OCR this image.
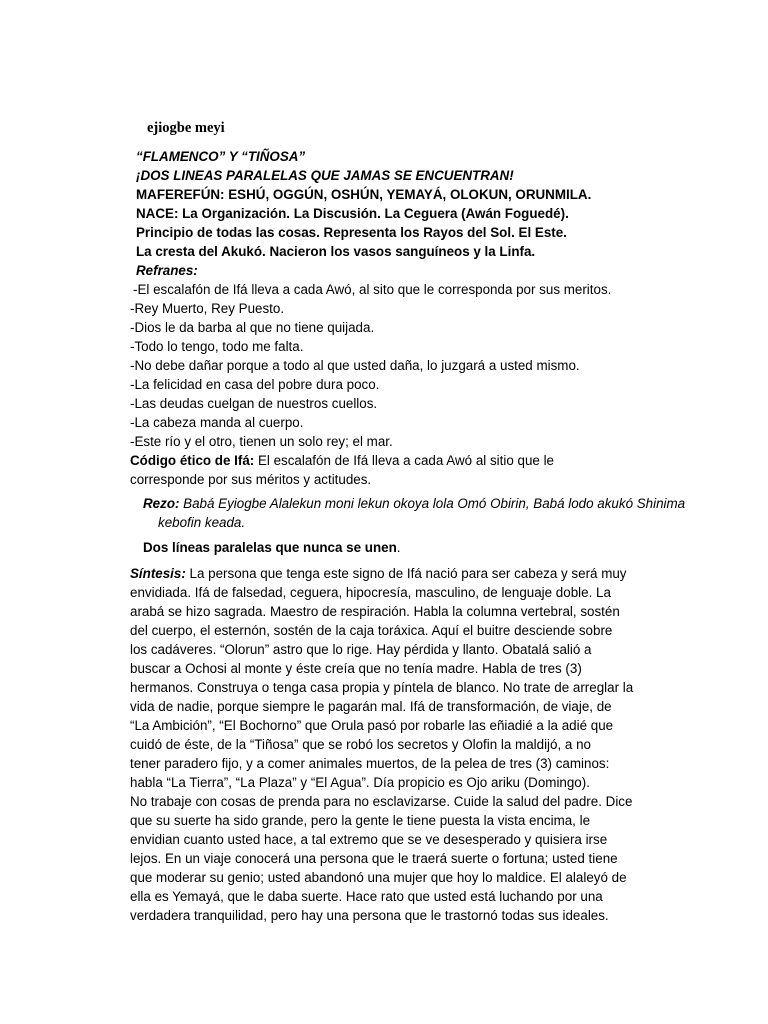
ejiogbe meyi
“FLAMENCO” Y “TIÑOSA”
¡DOS LINEAS PARALELAS QUE JAMAS SE ENCUENTRAN!
MAFEREFÚN: ESHÚ, OGGÚN, OSHÚN, YEMAYÁ, OLOKUN, ORUNMILA.
NACE: La Organización. La Discusión. La Ceguera (Awán Foguedé).
Principio de todas las cosas. Representa los Rayos del Sol. El Este.
La cresta del Akukó. Nacieron los vasos sanguíneos y la Linfa.
Refranes:
-El escalafón de Ifá lleva a cada Awó, al sito que le corresponda por sus meritos.
-Rey Muerto, Rey Puesto.
-Dios le da barba al que no tiene quijada.
-Todo lo tengo, todo me falta.
-No debe dañar porque a todo al que usted daña, lo juzgará a usted mismo.
-La felicidad en casa del pobre dura poco.
-Las deudas cuelgan de nuestros cuellos.
-La cabeza manda al cuerpo.
-Este río y el otro, tienen un solo rey; el mar.
Código ético de Ifá: El escalafón de Ifá lleva a cada Awó al sitio que le
corresponde por sus méritos y actitudes.
Rezo: Babá Eyiogbe Alalekun moni lekun okoya lola Omó Obirin, Babá lodo akukó Shinima
kebofin keada.
Dos líneas paralelas que nunca se unen.
Síntesis: La persona que tenga este signo de Ifá nació para ser cabeza y será muy
envidiada. Ifá de falsedad, ceguera, hipocresía, masculino, de lenguaje doble. La
arabá se hizo sagrada. Maestro de respiración. Habla la columna vertebral, sostén
del cuerpo, el esternón, sostén de la caja toráxica. Aquí el buitre desciende sobre
los cadáveres. “Olorun” astro que lo rige. Hay pérdida y llanto. Obatalá salió a
buscar a Ochosi al monte y éste creía que no tenía madre. Habla de tres (3)
hermanos. Construya o tenga casa propia y píntela de blanco. No trate de arreglar la
vida de nadie, porque siempre le pagarán mal. Ifá de transformación, de viaje, de
“La Ambición”, “El Bochorno” que Orula pasó por robarle las eñiadié a la adié que
cuidó de éste, de la “Tiñosa” que se robó los secretos y Olofin la maldijó, a no
tener paradero fijo, y a comer animales muertos, de la pelea de tres (3) caminos:
habla “La Tierra”, “La Plaza” y “El Agua”. Día propicio es Ojo ariku (Domingo).
No trabaje con cosas de prenda para no esclavizarse. Cuide la salud del padre. Dice
que su suerte ha sido grande, pero la gente le tiene puesta la vista encima, le
envidian cuanto usted hace, a tal extremo que se ve desesperado y quisiera irse
lejos. En un viaje conocerá una persona que le traerá suerte o fortuna; usted tiene
que moderar su genio; usted abandonó una mujer que hoy lo maldice. El alaleyó de
ella es Yemayá, que le daba suerte. Hace rato que usted está luchando por una
verdadera tranquilidad, pero hay una persona que le trastornó todas sus ideales.
